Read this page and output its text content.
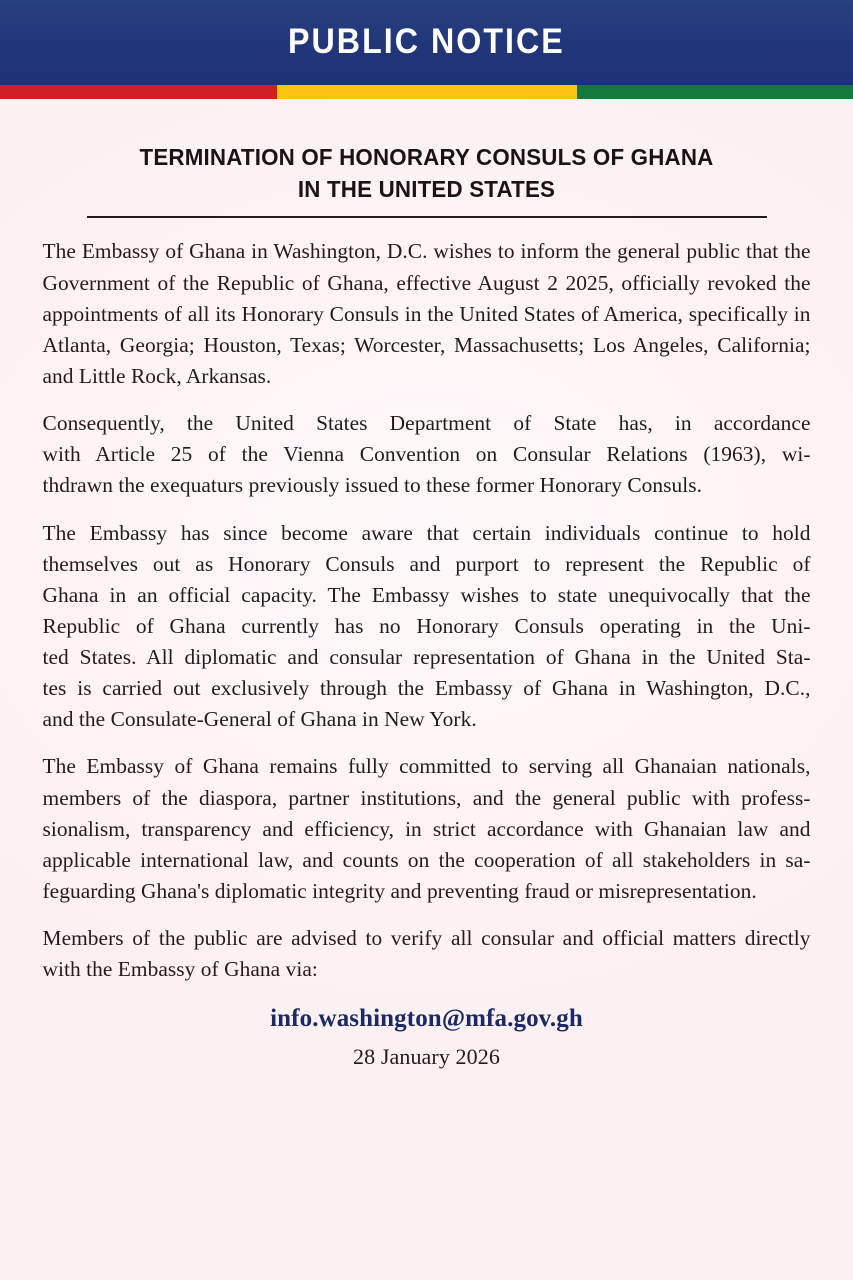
PUBLIC NOTICE
TERMINATION OF HONORARY CONSULS OF GHANA
IN THE UNITED STATES

The Embassy of Ghana in Washington, D.C. wishes to inform the general public that the Government of the Republic of Ghana, effective August 2 2025, officially revoked the appointments of all its Honorary Consuls in the United States of America, specifically in Atlanta, Georgia; Houston, Texas; Worcester, Massachusetts; Los Angeles, California; and Little Rock, Arkansas.

Consequently, the United States Department of State has, in accordance
with Article 25 of the Vienna Convention on Consular Relations (1963), wi-
thdrawn the exequaturs previously issued to these former Honorary Consuls.

The Embassy has since become aware that certain individuals continue to hold
themselves out as Honorary Consuls and purport to represent the Republic of
Ghana in an official capacity. The Embassy wishes to state unequivocally that the
Republic of Ghana currently has no Honorary Consuls operating in the Uni-
ted States. All diplomatic and consular representation of Ghana in the United Sta-
tes is carried out exclusively through the Embassy of Ghana in Washington, D.C.,
and the Consulate-General of Ghana in New York.

The Embassy of Ghana remains fully committed to serving all Ghanaian nationals,
members of the diaspora, partner institutions, and the general public with profess-
sionalism, transparency and efficiency, in strict accordance with Ghanaian law and
applicable international law, and counts on the cooperation of all stakeholders in sa-
feguarding Ghana's diplomatic integrity and preventing fraud or misrepresentation.

Members of the public are advised to verify all consular and official matters directly with the Embassy of Ghana via:

info.washington@mfa.gov.gh
28 January 2026
